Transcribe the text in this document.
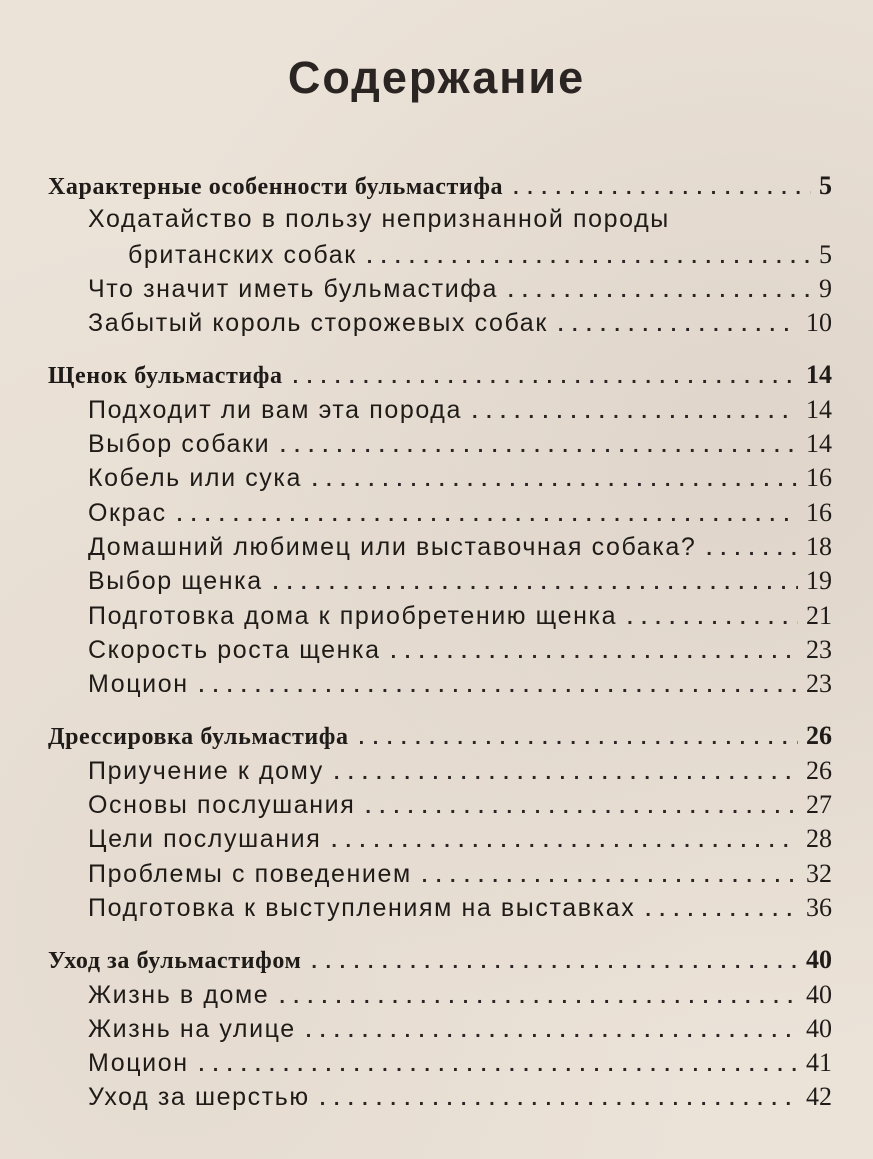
Содержание
Характерные особенности бульмастифа . . .	5
Ходатайство в пользу непризнанной породы
британских собак . . .	5
Что значит иметь бульмастифа . . .	9
Забытый король сторожевых собак . . .	10
Щенок бульмастифа . . .	14
Подходит ли вам эта порода . . .	14
Выбор собаки . . .	14
Кобель или сука . . .	16
Окрас . . .	16
Домашний любимец или выставочная собака? . . .	18
Выбор щенка . . .	19
Подготовка дома к приобретению щенка . . .	21
Скорость роста щенка . . .	23
Моцион . . .	23
Дрессировка бульмастифа . . .	26
Приучение к дому . . .	26
Основы послушания . . .	27
Цели послушания . . .	28
Проблемы с поведением . . .	32
Подготовка к выступлениям на выставках . . .	36
Уход за бульмастифом . . .	40
Жизнь в доме . . .	40
Жизнь на улице . . .	40
Моцион . . .	41
Уход за шерстью . . .	42
